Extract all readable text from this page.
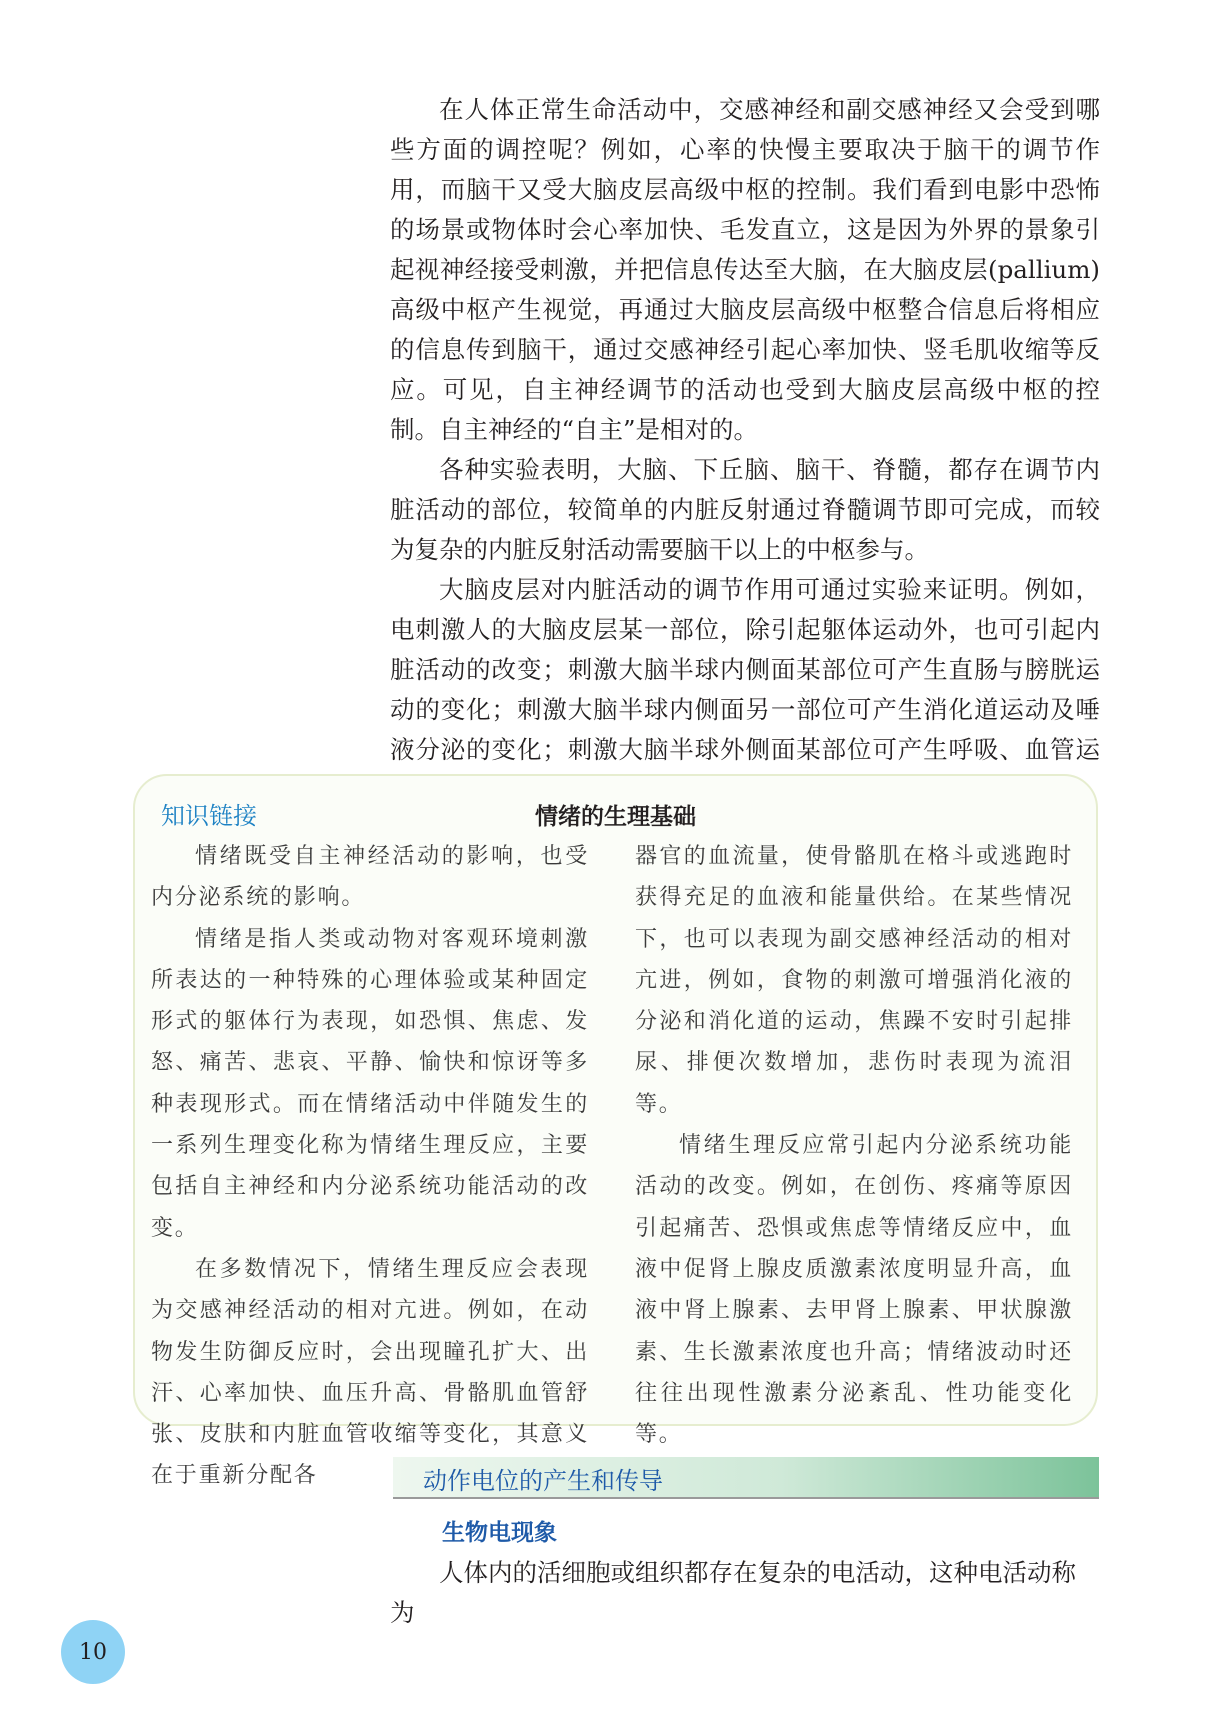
在人体正常生命活动中，交感神经和副交感神经又会受到哪些方面的调控呢？例如，心率的快慢主要取决于脑干的调节作用，而脑干又受大脑皮层高级中枢的控制。我们看到电影中恐怖的场景或物体时会心率加快、毛发直立，这是因为外界的景象引起视神经接受刺激，并把信息传达至大脑，在大脑皮层(pallium)高级中枢产生视觉，再通过大脑皮层高级中枢整合信息后将相应的信息传到脑干，通过交感神经引起心率加快、竖毛肌收缩等反应。可见，自主神经调节的活动也受到大脑皮层高级中枢的控制。自主神经的“自主”是相对的。

各种实验表明，大脑、下丘脑、脑干、脊髓，都存在调节内脏活动的部位，较简单的内脏反射通过脊髓调节即可完成，而较为复杂的内脏反射活动需要脑干以上的中枢参与。

大脑皮层对内脏活动的调节作用可通过实验来证明。例如，电刺激人的大脑皮层某一部位，除引起躯体运动外，也可引起内脏活动的改变；刺激大脑半球内侧面某部位可产生直肠与膀胱运动的变化；刺激大脑半球内侧面另一部位可产生消化道运动及唾液分泌的变化；刺激大脑半球外侧面某部位可产生呼吸、血管运

知识链接	情绪的生理基础

情绪既受自主神经活动的影响，也受内分泌系统的影响。

情绪是指人类或动物对客观环境刺激所表达的一种特殊的心理体验或某种固定形式的躯体行为表现，如恐惧、焦虑、发怒、痛苦、悲哀、平静、愉快和惊讶等多种表现形式。而在情绪活动中伴随发生的一系列生理变化称为情绪生理反应，主要包括自主神经和内分泌系统功能活动的改变。

在多数情况下，情绪生理反应会表现为交感神经活动的相对亢进。例如，在动物发生防御反应时，会出现瞳孔扩大、出汗、心率加快、血压升高、骨骼肌血管舒张、皮肤和内脏血管收缩等变化，其意义在于重新分配各

器官的血流量，使骨骼肌在格斗或逃跑时获得充足的血液和能量供给。在某些情况下，也可以表现为副交感神经活动的相对亢进，例如，食物的刺激可增强消化液的分泌和消化道的运动，焦躁不安时引起排尿、排便次数增加，悲伤时表现为流泪等。

情绪生理反应常引起内分泌系统功能活动的改变。例如，在创伤、疼痛等原因引起痛苦、恐惧或焦虑等情绪反应中，血液中促肾上腺皮质激素浓度明显升高，血液中肾上腺素、去甲肾上腺素、甲状腺激素、生长激素浓度也升高；情绪波动时还往往出现性激素分泌紊乱、性功能变化等。

动作电位的产生和传导
生物电现象

人体内的活细胞或组织都存在复杂的电活动，这种电活动称为

10
